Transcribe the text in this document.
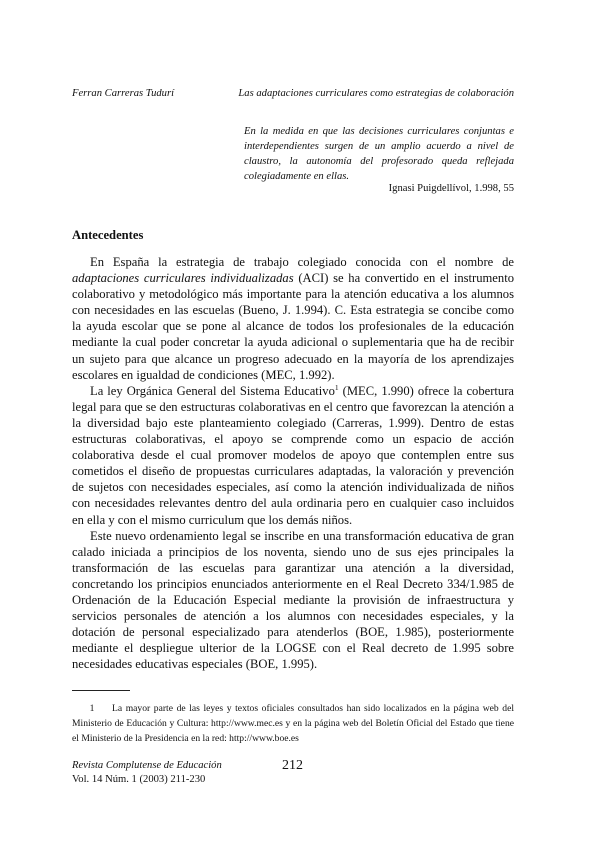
Ferran Carreras Tudurí	Las adaptaciones curriculares como estrategias de colaboración
En la medida en que las decisiones curriculares conjuntas e interdependientes surgen de un amplio acuerdo a nivel de claustro, la autonomía del profesorado queda reflejada colegiadamente en ellas.
Ignasi Puigdellívol, 1.998, 55
Antecedentes

En España la estrategia de trabajo colegiado conocida con el nombre de adaptaciones curriculares individualizadas (ACI) se ha convertido en el instrumento colaborativo y metodológico más importante para la atención educativa a los alumnos con necesidades en las escuelas (Bueno, J. 1.994). C. Esta estrategia se concibe como la ayuda escolar que se pone al alcance de todos los profesionales de la educación mediante la cual poder concretar la ayuda adicional o suplementaria que ha de recibir un sujeto para que alcance un progreso adecuado en la mayoría de los aprendizajes escolares en igualdad de condiciones (MEC, 1.992).

La ley Orgánica General del Sistema Educativo$^1$ (MEC, 1.990) ofrece la cobertura legal para que se den estructuras colaborativas en el centro que favorezcan la atención a la diversidad bajo este planteamiento colegiado (Carreras, 1.999). Dentro de estas estructuras colaborativas, el apoyo se comprende como un espacio de acción colaborativa desde el cual promover modelos de apoyo que contemplen entre sus cometidos el diseño de propuestas curriculares adaptadas, la valoración y prevención de sujetos con necesidades especiales, así como la atención individualizada de niños con necesidades relevantes dentro del aula ordinaria pero en cualquier caso incluidos en ella y con el mismo curriculum que los demás niños.

Este nuevo ordenamiento legal se inscribe en una transformación educativa de gran calado iniciada a principios de los noventa, siendo uno de sus ejes principales la transformación de las escuelas para garantizar una atención a la diversidad, concretando los principios enunciados anteriormente en el Real Decreto 334/1.985 de Ordenación de la Educación Especial mediante la provisión de infraestructura y servicios personales de atención a los alumnos con necesidades especiales, y la dotación de personal especializado para atenderlos (BOE, 1.985), posteriormente mediante el despliegue ulterior de la LOGSE con el Real decreto de 1.995 sobre necesidades educativas especiales (BOE, 1.995).

1 La mayor parte de las leyes y textos oficiales consultados han sido localizados en la página web del Ministerio de Educación y Cultura: http://www.mec.es y en la página web del Boletín Oficial del Estado que tiene el Ministerio de la Presidencia en la red: http://www.boe.es
Revista Complutense de Educación
Vol. 14 Núm. 1 (2003) 211-230
212
